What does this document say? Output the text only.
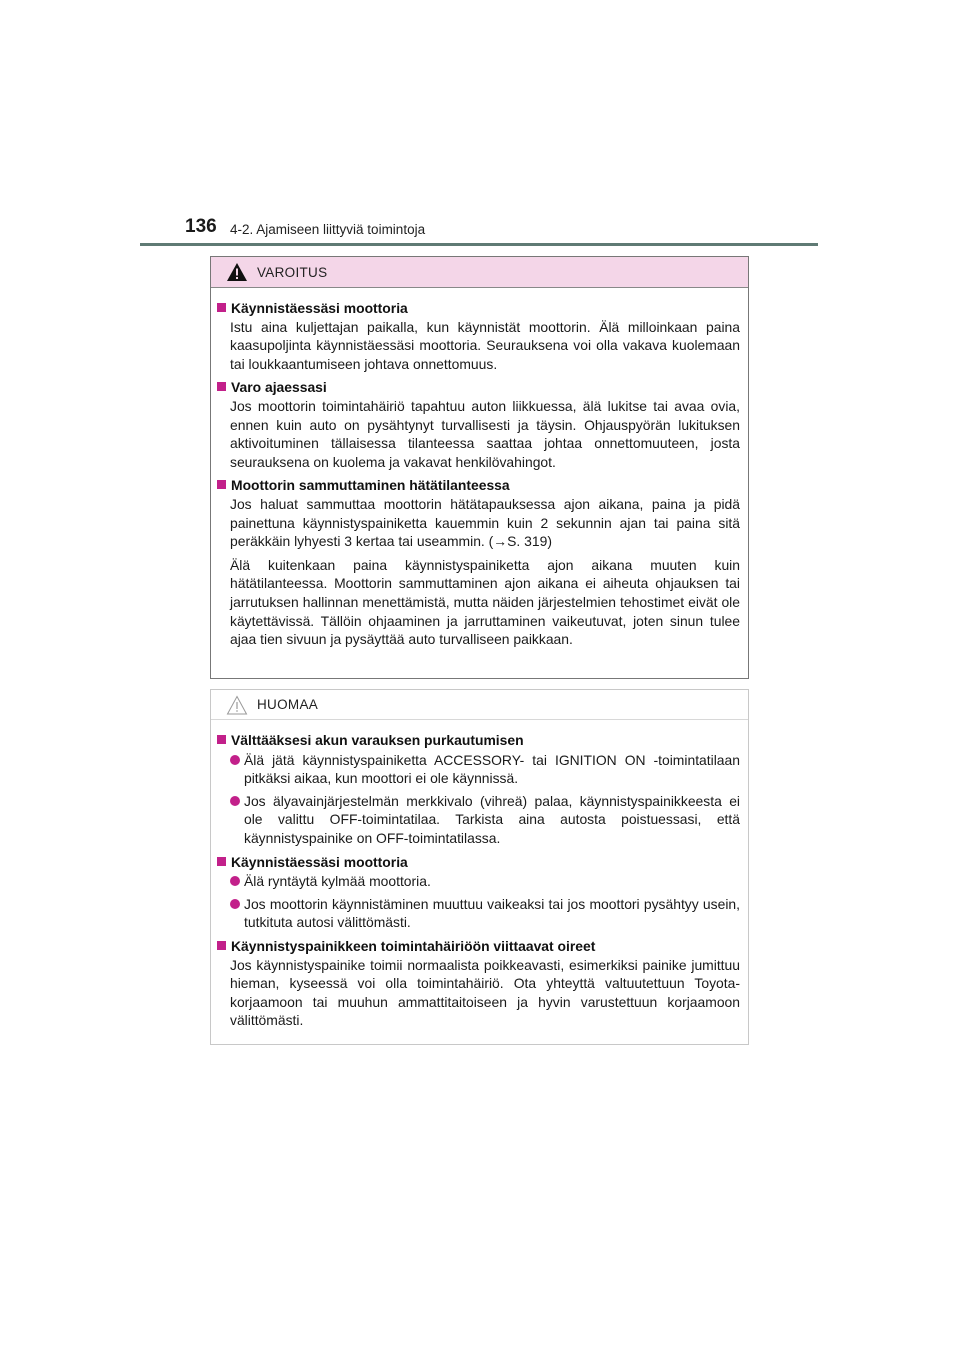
136 4-2. Ajamiseen liittyviä toimintoja
VAROITUS
Käynnistäessäsi moottoria

Istu aina kuljettajan paikalla, kun käynnistät moottorin. Älä milloinkaan paina kaasupoljinta käynnistäessäsi moottoria. Seurauksena voi olla vakava kuolemaan tai loukkaantumiseen johtava onnettomuus.

Varo ajaessasi

Jos moottorin toimintahäiriö tapahtuu auton liikkuessa, älä lukitse tai avaa ovia, ennen kuin auto on pysähtynyt turvallisesti ja täysin. Ohjauspyörän lukituksen aktivoituminen tällaisessa tilanteessa saattaa johtaa onnettomuuteen, josta seurauksena on kuolema ja vakavat henkilövahingot.

Moottorin sammuttaminen hätätilanteessa

Jos haluat sammuttaa moottorin hätätapauksessa ajon aikana, paina ja pidä painettuna käynnistyspainiketta kauemmin kuin 2 sekunnin ajan tai paina sitä peräkkäin lyhyesti 3 kertaa tai useammin. (→S. 319)

Älä kuitenkaan paina käynnistyspainiketta ajon aikana muuten kuin hätätilanteessa. Moottorin sammuttaminen ajon aikana ei aiheuta ohjauksen tai jarrutuksen hallinnan menettämistä, mutta näiden järjestelmien tehostimet eivät ole käytettävissä. Tällöin ohjaaminen ja jarruttaminen vaikeutuvat, joten sinun tulee ajaa tien sivuun ja pysäyttää auto turvalliseen paikkaan.

HUOMAA
Välttääksesi akun varauksen purkautumisen
Älä jätä käynnistyspainiketta ACCESSORY- tai IGNITION ON -toimintatilaan pitkäksi aikaa, kun moottori ei ole käynnissä.
Jos älyavainjärjestelmän merkkivalo (vihreä) palaa, käynnistyspainikkeesta ei ole valittu OFF-toimintatilaa. Tarkista aina autosta poistuessasi, että käynnistyspainike on OFF-toimintatilassa.
Käynnistäessäsi moottoria
Älä ryntäytä kylmää moottoria.
Jos moottorin käynnistäminen muuttuu vaikeaksi tai jos moottori pysähtyy usein, tutkituta autosi välittömästi.
Käynnistyspainikkeen toimintahäiriöön viittaavat oireet

Jos käynnistyspainike toimii normaalista poikkeavasti, esimerkiksi painike jumittuu hieman, kyseessä voi olla toimintahäiriö. Ota yhteyttä valtuutettuun Toyota-korjaamoon tai muuhun ammattitaitoiseen ja hyvin varustettuun korjaamoon välittömästi.
